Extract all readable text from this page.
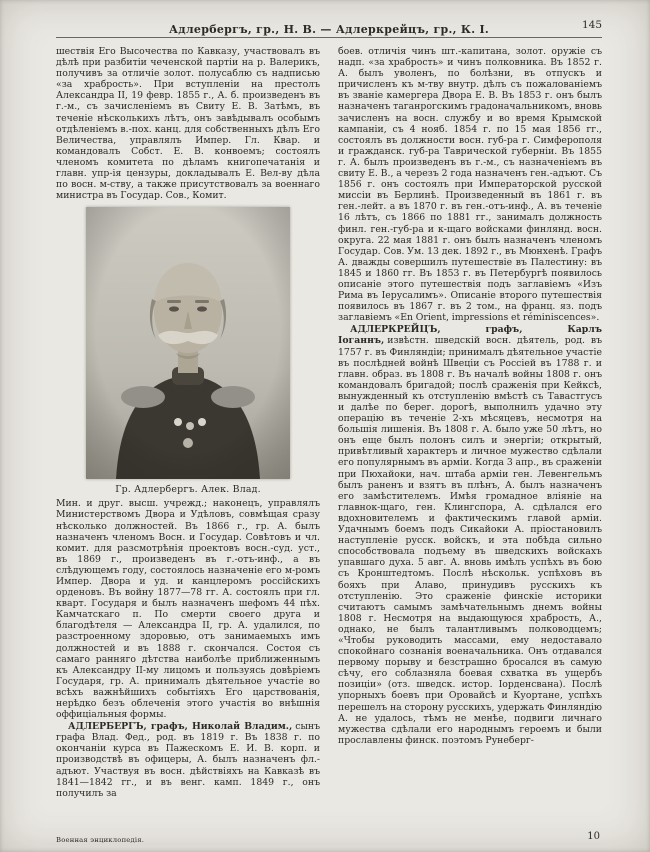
Адлербергъ, гр., Н. В. — Адлеркрейцъ, гр., К. I.	145

шествія Его Высочества по Кавказу, участвовалъ въ дѣлѣ при разбитіи чеченской партіи на р. Валерикъ, получивъ за отличіе золот. полусаблю съ надписью «за храбрость». При вступленіи на престолъ Александра II, 19 февр. 1855 г., А. б. произведенъ въ г.-м., съ зачисленіемъ въ Свиту Е. В. Затѣмъ, въ теченіе нѣсколькихъ лѣтъ, онъ завѣдывалъ особымъ отдѣленіемъ в.-пох. канц. для собственныхъ дѣлъ Его Величества, управлялъ Импер. Гл. Квар. и командовалъ Собст. Е. В. конвоемъ; состоялъ членомъ комитета по дѣламъ книгопечатанія и главн. упр-ія цензуры, докладывалъ Е. Вел-ву дѣла по восн. м-ству, а также присутствовалъ за военнаго министра въ Государ. Сов., Комит.

Гр. Адлербергъ. Алек. Влад.

Мин. и друг. высш. учрежд.; наконецъ, управлялъ Министерствомъ Двора и Удѣловъ, совмѣщая сразу нѣсколько должностей. Въ 1866 г., гр. А. былъ назначенъ членомъ Восн. и Государ. Совѣтовъ и чл. комит. для разсмотрѣнія проектовъ восн.-суд. уст., въ 1869 г., произведенъ въ г.-отъ-инф., а въ слѣдующемъ году, состоялось назначеніе его м-ромъ Импер. Двора и уд. и канцлеромъ россійскихъ орденовъ. Въ войну 1877—78 гг. А. состоялъ при гл. кварт. Государя и былъ назначенъ шефомъ 44 пѣх. Камчатскаго п. По смерти своего друга и благодѣтеля — Александра II, гр. А. удалился, по разстроенному здоровью, отъ занимаемыхъ имъ должностей и въ 1888 г. скончался. Состоя съ самаго ранняго дѣтства наиболѣе приближеннымъ къ Александру II-му лицомъ и пользуясь довѣріемъ Государя, гр. А. принималъ дѣятельное участіе во всѣхъ важнѣйшихъ событіяхъ Его царствованія, нерѣдко безъ облеченія этого участія во внѣшнія оффиціальныя формы.

АДЛЕРБЕРГЪ, графъ, Николай Владим., сынъ графа Влад. Фед., род. въ 1819 г. Въ 1838 г. по окончаніи курса въ Пажескомъ Е. И. В. корп. и производствѣ въ офицеры, А. былъ назначенъ фл.-адъют. Участвуя въ восн. дѣйствіяхъ на Кавказѣ въ 1841—1842 гг., и въ венг. камп. 1849 г., онъ получилъ за

боев. отличія чинъ шт.-капитана, золот. оружіе съ надп. «за храбрость» и чинъ полковника. Въ 1852 г. А. былъ уволенъ, по болѣзни, въ отпускъ и причисленъ къ м-тву внутр. дѣлъ съ пожалованіемъ въ званіе камергера Двора Е. В. Въ 1853 г. онъ былъ назначенъ таганрогскимъ градоначальникомъ, вновь зачисленъ на восн. службу и во время Крымской кампаніи, съ 4 нояб. 1854 г. по 15 мая 1856 гг., состоялъ въ должности восн. губ-ра г. Симферополя и гражданск. губ-ра Таврической губерніи. Въ 1855 г. А. былъ произведенъ въ г.-м., съ назначеніемъ въ свиту Е. В., а черезъ 2 года назначенъ ген.-адъют. Съ 1856 г. онъ состоялъ при Императорской русской миссіи въ Берлинѣ. Произведенный въ 1861 г. въ ген.-лейт. а въ 1870 г. въ ген.-отъ-инф., А. въ теченіе 16 лѣтъ, съ 1866 по 1881 гг., занималъ должность финл. ген.-губ-ра и к-щаго войсками финлянд. восн. округа. 22 мая 1881 г. онъ былъ назначенъ членомъ Государ. Сов. Ум. 13 дек. 1892 г., въ Мюнхенѣ. Графъ А. дважды совершилъ путешествіе въ Палестину: въ 1845 и 1860 гг. Въ 1853 г. въ Петербургѣ появилось описаніе этого путешествія подъ заглавіемъ «Изъ Рима въ Іерусалимъ». Описаніе второго путешествія появилось въ 1867 г. въ 2 том., на франц. яз. подъ заглавіемъ «En Orient, impressions et réminiscences».

АДЛЕРКРЕЙЦЪ, графъ, Карлъ Іоганнъ, извѣстн. шведскій восн. дѣятель, род. въ 1757 г. въ Финляндіи; принималъ дѣятельное участіе въ послѣдней войнѣ Швеціи съ Россіей въ 1788 г. и главн. образ. въ 1808 г. Въ началѣ войны 1808 г. онъ командовалъ бригадой; послѣ сраженія при Кейксѣ, вынужденный къ отступленію вмѣстѣ съ Тавастгусъ и далѣе по берег. дорогѣ, выполнилъ удачно эту операцію въ теченіе 2-хъ мѣсяцевъ, несмотря на большія лишенія. Въ 1808 г. А. было уже 50 лѣтъ, но онъ еще былъ полонъ силъ и энергіи; открытый, привѣтливый характеръ и личное мужество сдѣлали его популярнымъ въ арміи. Когда 3 апр., въ сраженіи при Пюхайоки, нач. штаба арміи ген. Левенгельмъ былъ раненъ и взятъ въ плѣнъ, А. былъ назначенъ его замѣстителемъ. Имѣя громадное вліяніе на главнок-щаго, ген. Клингспора, А. сдѣлался его вдохновителемъ и фактическимъ главой арміи. Удачнымъ боемъ подъ Сикайоки А. пріостановилъ наступленіе русск. войскъ, и эта побѣда сильно способствовала подъему въ шведскихъ войскахъ упавшаго духа. 5 авг. А. вновь имѣлъ успѣхъ въ бою съ Кронштедтомъ. Послѣ нѣскольк. успѣховъ въ бояхъ при Алаво, принудивъ русскихъ къ отступленію. Это сраженіе финскіе историки считаютъ самымъ замѣчательнымъ днемъ войны 1808 г. Несмотря на выдающуюся храбрость, А., однако, не былъ талантливымъ полководцемъ; «Чтобы руководить массами, ему недоставало спокойнаго сознанія военачальника. Онъ отдавался первому порыву и безстрашно бросался въ самую сѣчу, его соблазняла боевая схватка въ ущербъ позиціи» (отз. шведск. истор. Іорденсвана). Послѣ упорныхъ боевъ при Оровайсѣ и Куортане, успѣхъ перешелъ на сторону русскихъ, удержать Финляндію А. не удалось, тѣмъ не менѣе, подвиги личнаго мужества сдѣлали его народнымъ героемъ и были прославлены финск. поэтомъ Рунеберг-

Военная энциклопедія.	10
